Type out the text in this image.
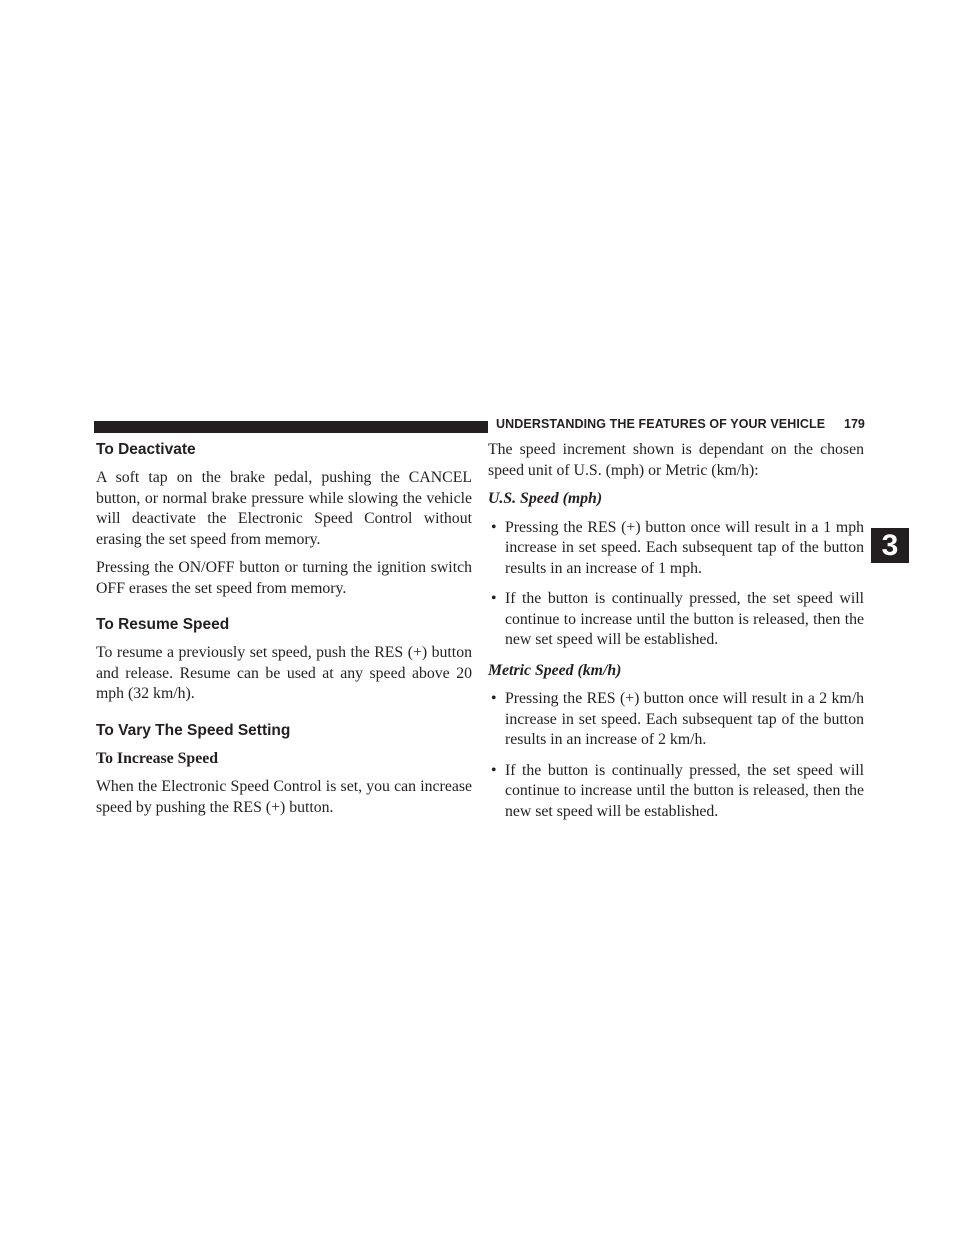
UNDERSTANDING THE FEATURES OF YOUR VEHICLE 179
3
To Deactivate

A soft tap on the brake pedal, pushing the CANCEL button, or normal brake pressure while slowing the vehicle will deactivate the Electronic Speed Control without erasing the set speed from memory.

Pressing the ON/OFF button or turning the ignition switch OFF erases the set speed from memory.

To Resume Speed

To resume a previously set speed, push the RES (+) button and release. Resume can be used at any speed above 20 mph (32 km/h).

To Vary The Speed Setting
To Increase Speed

When the Electronic Speed Control is set, you can increase speed by pushing the RES (+) button.

The speed increment shown is dependant on the chosen speed unit of U.S. (mph) or Metric (km/h):

U.S. Speed (mph)
• Pressing the RES (+) button once will result in a 1 mph increase in set speed. Each subsequent tap of the button results in an increase of 1 mph.
• If the button is continually pressed, the set speed will continue to increase until the button is released, then the new set speed will be established.
Metric Speed (km/h)
• Pressing the RES (+) button once will result in a 2 km/h increase in set speed. Each subsequent tap of the button results in an increase of 2 km/h.
• If the button is continually pressed, the set speed will continue to increase until the button is released, then the new set speed will be established.
